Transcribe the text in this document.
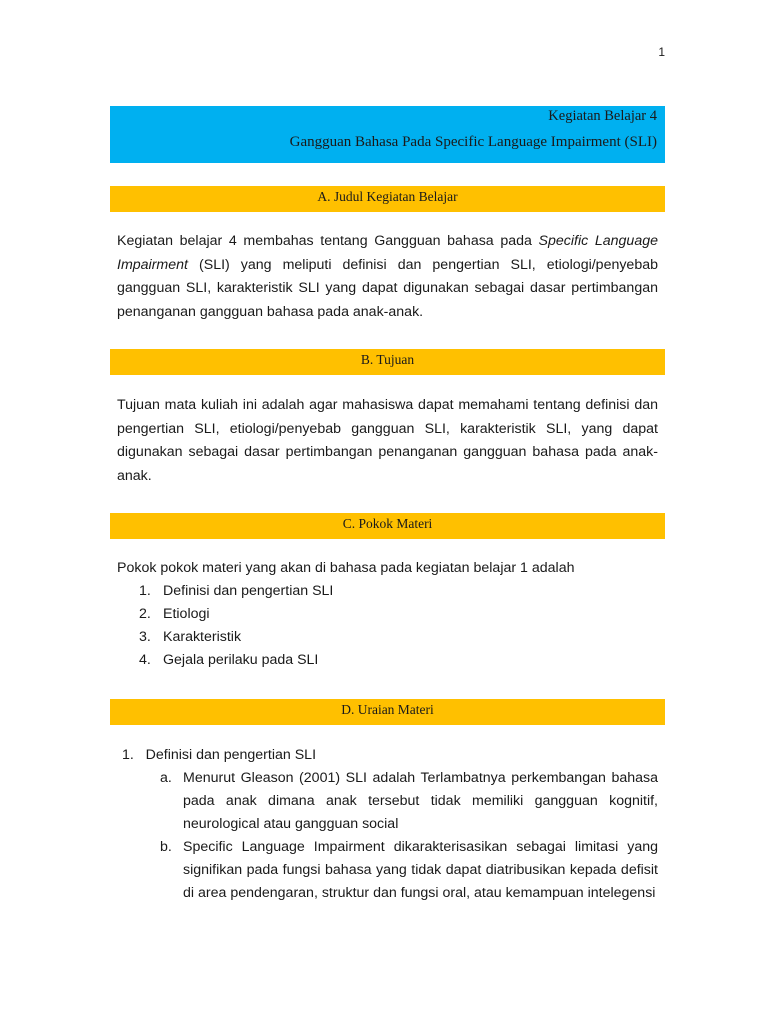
1
Kegiatan Belajar 4
Gangguan Bahasa Pada Specific Language Impairment (SLI)
A. Judul Kegiatan Belajar

Kegiatan belajar 4 membahas tentang Gangguan bahasa pada Specific Language Impairment (SLI) yang meliputi definisi dan pengertian SLI, etiologi/penyebab gangguan SLI, karakteristik SLI yang dapat digunakan sebagai dasar pertimbangan penanganan gangguan bahasa pada anak-anak.

B. Tujuan

Tujuan mata kuliah ini adalah agar mahasiswa dapat memahami tentang definisi dan pengertian SLI, etiologi/penyebab gangguan SLI, karakteristik SLI, yang dapat digunakan sebagai dasar pertimbangan penanganan gangguan bahasa pada anak-anak.

C. Pokok Materi

Pokok pokok materi yang akan di bahasa pada kegiatan belajar 1 adalah

1. Definisi dan pengertian SLI
2. Etiologi
3. Karakteristik
4. Gejala perilaku pada SLI
D. Uraian Materi

1.   Definisi dan pengertian SLI

a. Menurut Gleason (2001) SLI adalah Terlambatnya perkembangan bahasa pada anak dimana anak tersebut tidak memiliki gangguan kognitif, neurological atau gangguan social
b. Specific Language Impairment dikarakterisasikan sebagai limitasi yang signifikan pada fungsi bahasa yang tidak dapat diatribusikan kepada defisit di area pendengaran, struktur dan fungsi oral, atau kemampuan intelegensi
